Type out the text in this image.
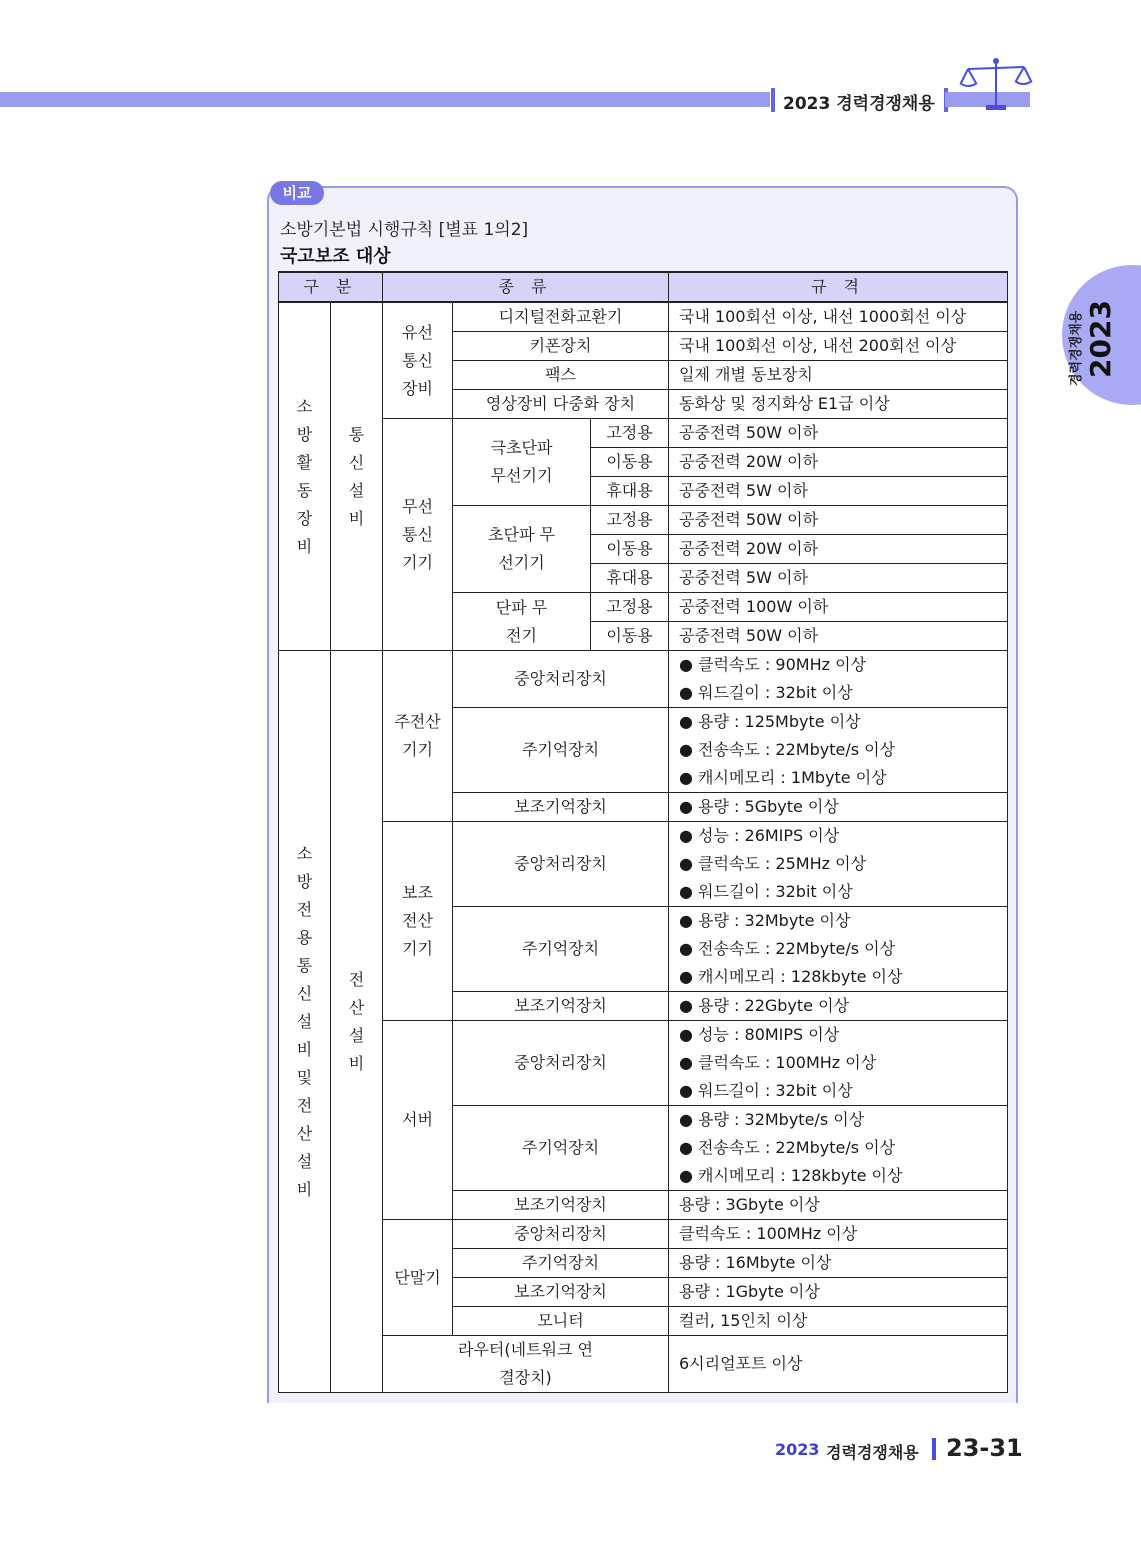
2023 경력경쟁채용
경력경쟁채용 2023
비교
소방기본법 시행규칙 [별표 1의2]
국고보조 대상
구 분		종 류			규 격
소방활동장비	통신설비	유선통신장비	디지털전화교환기		국내 100회선 이상, 내선 1000회선 이상
			키폰장치		국내 100회선 이상, 내선 200회선 이상
			팩스		일제 개별 동보장치
			영상장비 다중화 장치		동화상 및 정지화상 E1급 이상
		무선통신기기	극초단파 무선기기	고정용	공중전력 50W 이하
				이동용	공중전력 20W 이하
				휴대용	공중전력 5W 이하
			초단파 무선기기	고정용	공중전력 50W 이하
				이동용	공중전력 20W 이하
				휴대용	공중전력 5W 이하
			단파 무전기	고정용	공중전력 100W 이하
				이동용	공중전력 50W 이하
소방전용 통신설비 및 전산설비	전산설비	주전산 기기	중앙처리장치		● 클럭속도 : 90MHz 이상
					● 워드길이 : 32bit 이상
			주기억장치		● 용량 : 125Mbyte 이상
					● 전송속도 : 22Mbyte/s 이상
					● 캐시메모리 : 1Mbyte 이상
			보조기억장치		● 용량 : 5Gbyte 이상
		보조 전산 기기	중앙처리장치		● 성능 : 26MIPS 이상
					● 클럭속도 : 25MHz 이상
					● 워드길이 : 32bit 이상
			주기억장치		● 용량 : 32Mbyte 이상
					● 전송속도 : 22Mbyte/s 이상
					● 캐시메모리 : 128kbyte 이상
			보조기억장치		● 용량 : 22Gbyte 이상
		서버	중앙처리장치		● 성능 : 80MIPS 이상
					● 클럭속도 : 100MHz 이상
					● 워드길이 : 32bit 이상
			주기억장치		● 용량 : 32Mbyte/s 이상
					● 전송속도 : 22Mbyte/s 이상
					● 캐시메모리 : 128kbyte 이상
			보조기억장치		용량 : 3Gbyte 이상
		단말기	중앙처리장치		클럭속도 : 100MHz 이상
			주기억장치		용량 : 16Mbyte 이상
			보조기억장치		용량 : 1Gbyte 이상
			모니터		컬러, 15인치 이상
		라우터(네트워크 연결장치)			6시리얼포트 이상
2023 경력경쟁채용 23-31
